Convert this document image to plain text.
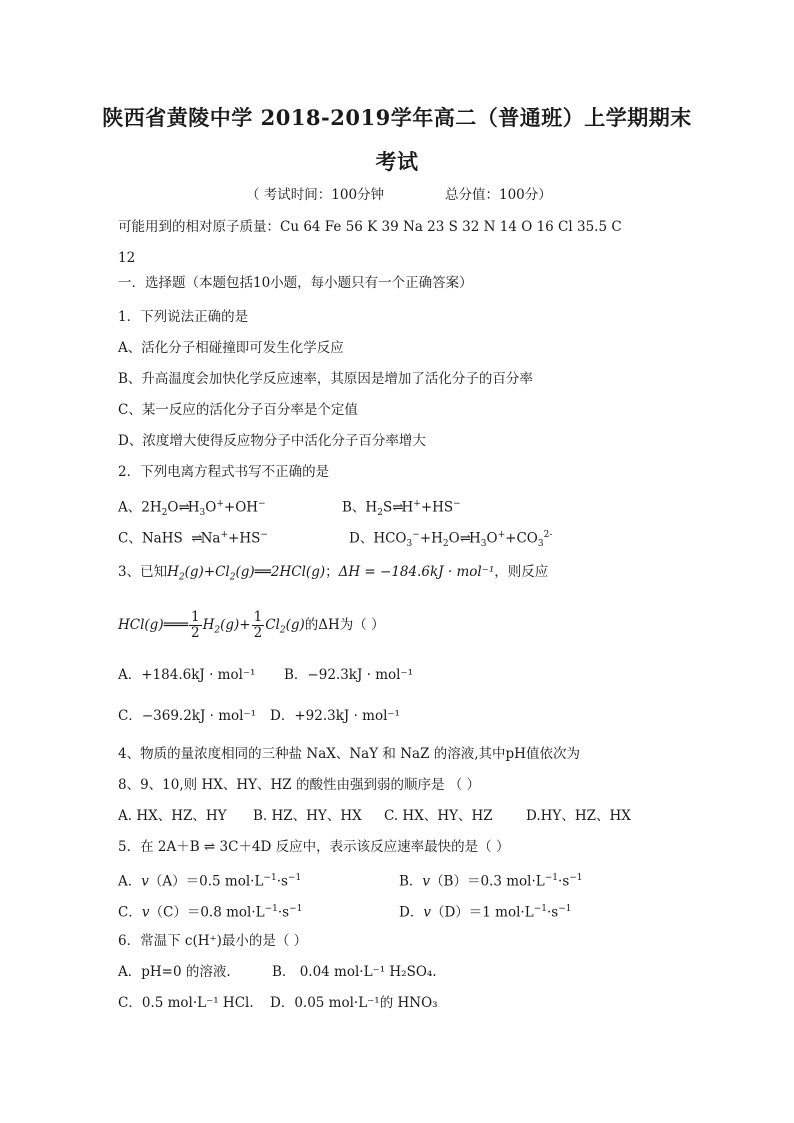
陕西省黄陵中学 2018-2019学年高二（普通班）上学期期末
考试
（ 考试时间：100分钟	总分值：100分）
可能用到的相对原子质量：Cu 64 Fe 56 K 39 Na 23 S 32 N 14 O 16 Cl 35.5 C
12
一．选择题（本题包括10小题，每小题只有一个正确答案）
1．下列说法正确的是
A、活化分子相碰撞即可发生化学反应
B、升高温度会加快化学反应速率，其原因是增加了活化分子的百分率
C、某一反应的活化分子百分率是个定值
D、浓度增大使得反应物分子中活化分子百分率增大
2．下列电离方程式书写不正确的是
A、$2H_2O\rightleftharpoons H_3O^++OH^-$	B、$H_2S\rightleftharpoons H^++HS^-$
C、NaHS  ⇌Na++HS−	D、$HCO_3^-+H_2O\rightleftharpoons H_3O^++CO_3^{2-}$
3、已知$H_2(g)+Cl_2(g)══2HCl(g)$；ΔH = −184.6kJ · mol⁻¹，则反应
HCl(g)═══ $\frac{1}{2} H_2(g)+ \frac{1}{2} Cl_2(g)$的ΔH为（ ）
A．+184.6kJ · mol⁻¹ B．−92.3kJ · mol⁻¹
C．−369.2kJ · mol⁻¹ D．+92.3kJ · mol⁻¹
4、物质的量浓度相同的三种盐 NaX、NaY 和 NaZ 的溶液,其中pH值依次为
8、9、10,则 HX、HY、HZ 的酸性由强到弱的顺序是 （ ）
A. HX、HZ、HY B. HZ、HY、HX C. HX、HY、HZ D.HY、HZ、HX
5．在 2A＋B ⇌ 3C＋4D 反应中，表示该反应速率最快的是（ ）
A．v（A）＝0.5 $mol\cdot L^{-1}\cdot s^{-1}$	B．v（B）＝0.3 $mol\cdot L^{-1}\cdot s^{-1}$
C．v（C）＝0.8 $mol\cdot L^{-1}\cdot s^{-1}$	D．v（D）＝1 $mol\cdot L^{-1}\cdot s^{-1}$
6．常温下 c(H⁺)最小的是（ ）
A．pH=0 的溶液.	B． 0.04 mol·L⁻¹ H₂SO₄.
C．0.5 mol·L⁻¹ HCl. D．0.05 mol·L⁻¹的 HNO₃
